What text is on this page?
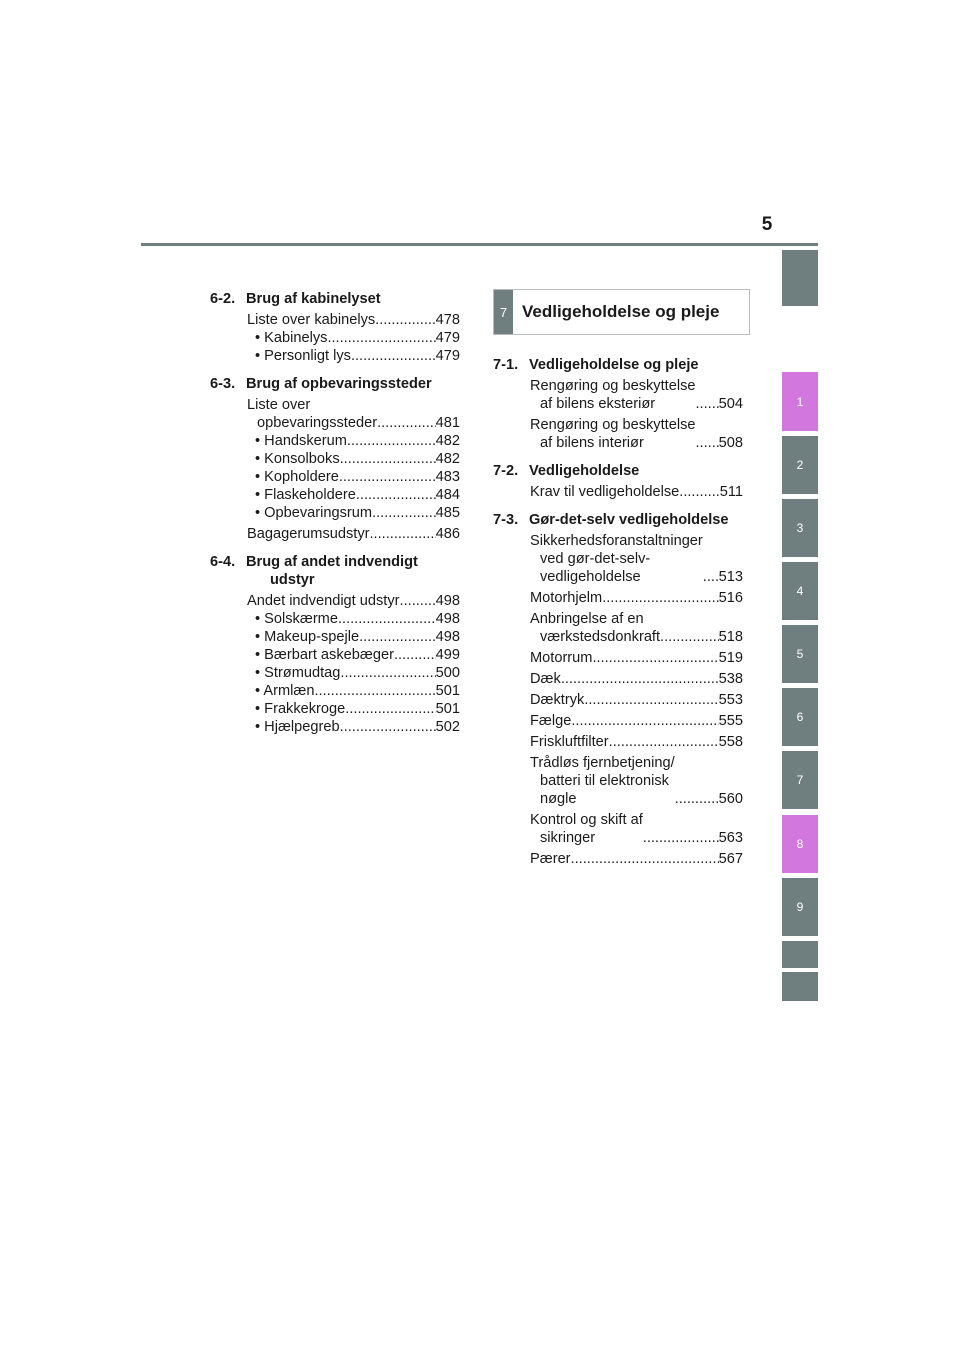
5
1
2
3
4
5
6
7
8
9
6-2. Brug af kabinelyset
Liste over kabinelys .....	478
• Kabinelys .....	479
• Personligt lys .....	479
6-3. Brug af opbevaringssteder
Liste over
opbevaringssteder .....	481
• Handskerum .....	482
• Konsolboks .....	482
• Kopholdere .....	483
• Flaskeholdere .....	484
• Opbevaringsrum .....	485
Bagagerumsudstyr .....	486
6-4. Brug af andet indvendigt udstyr
Andet indvendigt udstyr ..... 498
• Solskærme .....	498
• Makeup-spejle .....	498
• Bærbart askebæger .....	499
• Strømudtag .....	500
• Armlæn .....	501
• Frakkekroge .....	501
• Hjælpegreb .....	502
7 Vedligeholdelse og pleje
7-1. Vedligeholdelse og pleje
Rengøring og beskyttelse
af bilens eksteriør .....	504
Rengøring og beskyttelse
af bilens interiør .....	508
7-2. Vedligeholdelse
Krav til vedligeholdelse .....	511
7-3. Gør-det-selv vedligeholdelse
Sikkerhedsforanstaltninger
ved gør-det-selv-
vedligeholdelse .....	513
Motorhjelm .....	516
Anbringelse af en
værkstedsdonkraft .....	518
Motorrum .....	519
Dæk .....	538
Dæktryk .....	553
Fælge .....	555
Friskluftfilter .....	558
Trådløs fjernbetjening/
batteri til elektronisk
nøgle .....	560
Kontrol og skift af
sikringer .....	563
Pærer .....	567
